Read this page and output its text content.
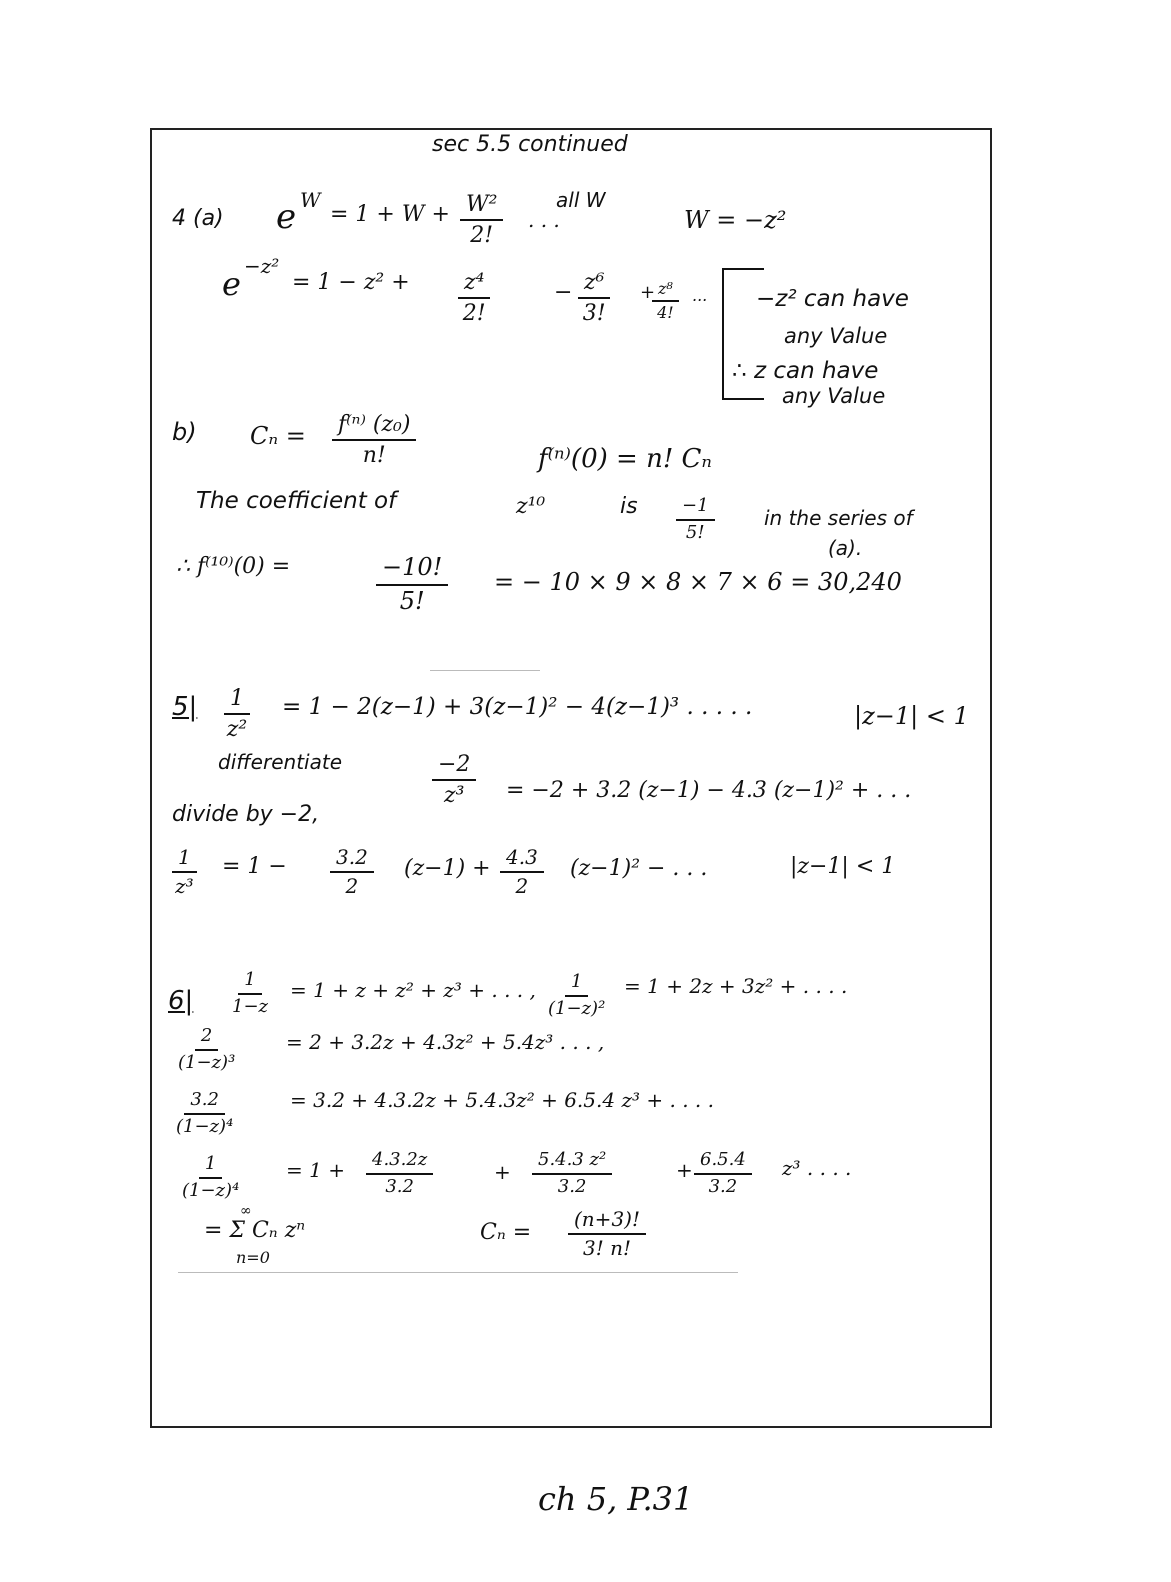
sec 5.5 continued
4 (a) e W
= $1 + W + \frac{\text{W²}}{2!}$ . . .
all W
W = −z²
e −z²
= $1 - z^2 + \frac{\text{z⁴}}{2!}$	− $\frac{\text{z⁶}}{3!}$ +
$\frac{\text{z⁸}}{4!}$ ... −z² can have
any Value
∴ z can have
any Value
b) $C_n = \frac{\text{f⁽ⁿ⁾ (z₀)}}{n!}$	f⁽ⁿ⁾(0) = n! Cₙ
The coefficient of	z¹⁰	is $\frac{-1}{5!}$ in the series of
(a).
∴ f⁽¹⁰⁾(0) =	$\frac{-10!}{5!}$ = − 10 × 9 × 8 × 7 × 6 = 30,240
$5| \frac{1}{\text{z²}} = 1 - 2(z-1) + 3(z-1)^2 - 4(z-1)^3$ . . . . .	|z−1| < 1
differentiate	$\frac{-2}{\text{z³}} = -2 + 3.2$ (z−1) − 4.3 (z−1)² + . . .
divide by −2,
$\frac{1}{\text{z³}} = 1 - \frac{3.2}{2} (z-1) + \frac{4.3}{2} (z-1)^2$ − . . .	|z−1| < 1
$6| \frac{1}{1-z} = 1 + z + z^2 + z^3$ + . . . , $\frac{1}{\text{(1−z)²}} = 1 + 2z + 3z^2$ + . . . .
$\frac{2}{\text{(1−z)³}}$	= 2 + 3.2z + 4.3z² + 5.4z³ . . . ,
$\frac{3.2}{\text{(1−z)⁴}}$	= 3.2 + 4.3.2z + 5.4.3z² + 6.5.4 z³ + . . . .
$\frac{1}{\text{(1−z)⁴}} = 1 + \frac{4.3.2z}{3.2}$	+ $\frac{\text{5.4.3 z²}}{3.2}$	+ $\frac{6.5.4}{3.2} z^3$ . . . .
∞
= Σ Cₙ zⁿ
n=0
$C_n = \frac{(n+3)!}{3! n!}$
ch 5, P.31
